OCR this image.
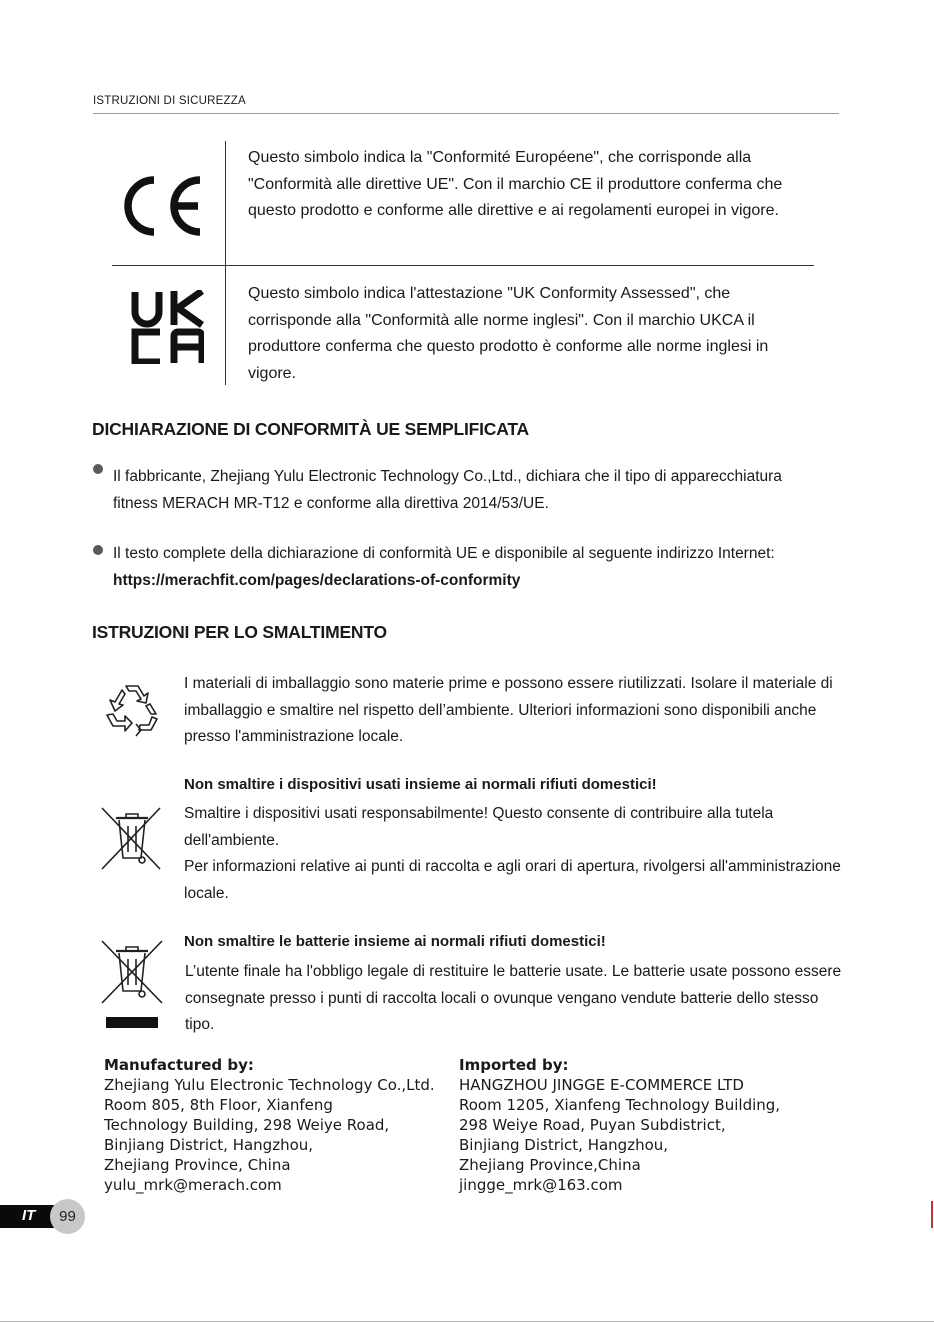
ISTRUZIONI DI SICUREZZA
Questo simbolo indica la "Conformité Européene", che corrisponde alla "Conformità alle direttive UE". Con il marchio CE il produttore conferma che questo prodotto e conforme alle direttive e ai regolamenti europei in vigore.
Questo simbolo indica l'attestazione "UK Conformity Assessed", che corrisponde alla "Conformità alle norme inglesi". Con il marchio UKCA il produttore conferma che questo prodotto è conforme alle norme inglesi in vigore.
DICHIARAZIONE DI CONFORMITÀ UE SEMPLIFICATA
Il fabbricante, Zhejiang Yulu Electronic Technology Co.,Ltd., dichiara che il tipo di apparecchiatura fitness MERACH MR-T12 e conforme alla direttiva 2014/53/UE.
Il testo complete della dichiarazione di conformità UE e disponibile al seguente indirizzo Internet: https://merachfit.com/pages/declarations-of-conformity
ISTRUZIONI PER LO SMALTIMENTO
I materiali di imballaggio sono materie prime e possono essere riutilizzati. Isolare il materiale di imballaggio e smaltire nel rispetto dell’ambiente. Ulteriori informazioni sono disponibili anche presso l'amministrazione locale.
Non smaltire i dispositivi usati insieme ai normali rifiuti domestici!
Smaltire i dispositivi usati responsabilmente! Questo consente di contribuire alla tutela dell'ambiente.
Per informazioni relative ai punti di raccolta e agli orari di apertura, rivolgersi all'amministrazione locale.
Non smaltire le batterie insieme ai normali rifiuti domestici!
L’utente finale ha l'obbligo legale di restituire le batterie usate. Le batterie usate possono essere consegnate presso i punti di raccolta locali o ovunque vengano vendute batterie dello stesso tipo.
Manufactured by:
Zhejiang Yulu Electronic Technology Co.,Ltd.
Room 805, 8th Floor, Xianfeng
Technology Building, 298 Weiye Road,
Binjiang District, Hangzhou,
Zhejiang Province, China
yulu_mrk@merach.com
Imported by:
HANGZHOU JINGGE E-COMMERCE LTD
Room 1205, Xianfeng Technology Building,
298 Weiye Road, Puyan Subdistrict,
Binjiang District, Hangzhou,
Zhejiang Province,China
jingge_mrk@163.com
IT	99
